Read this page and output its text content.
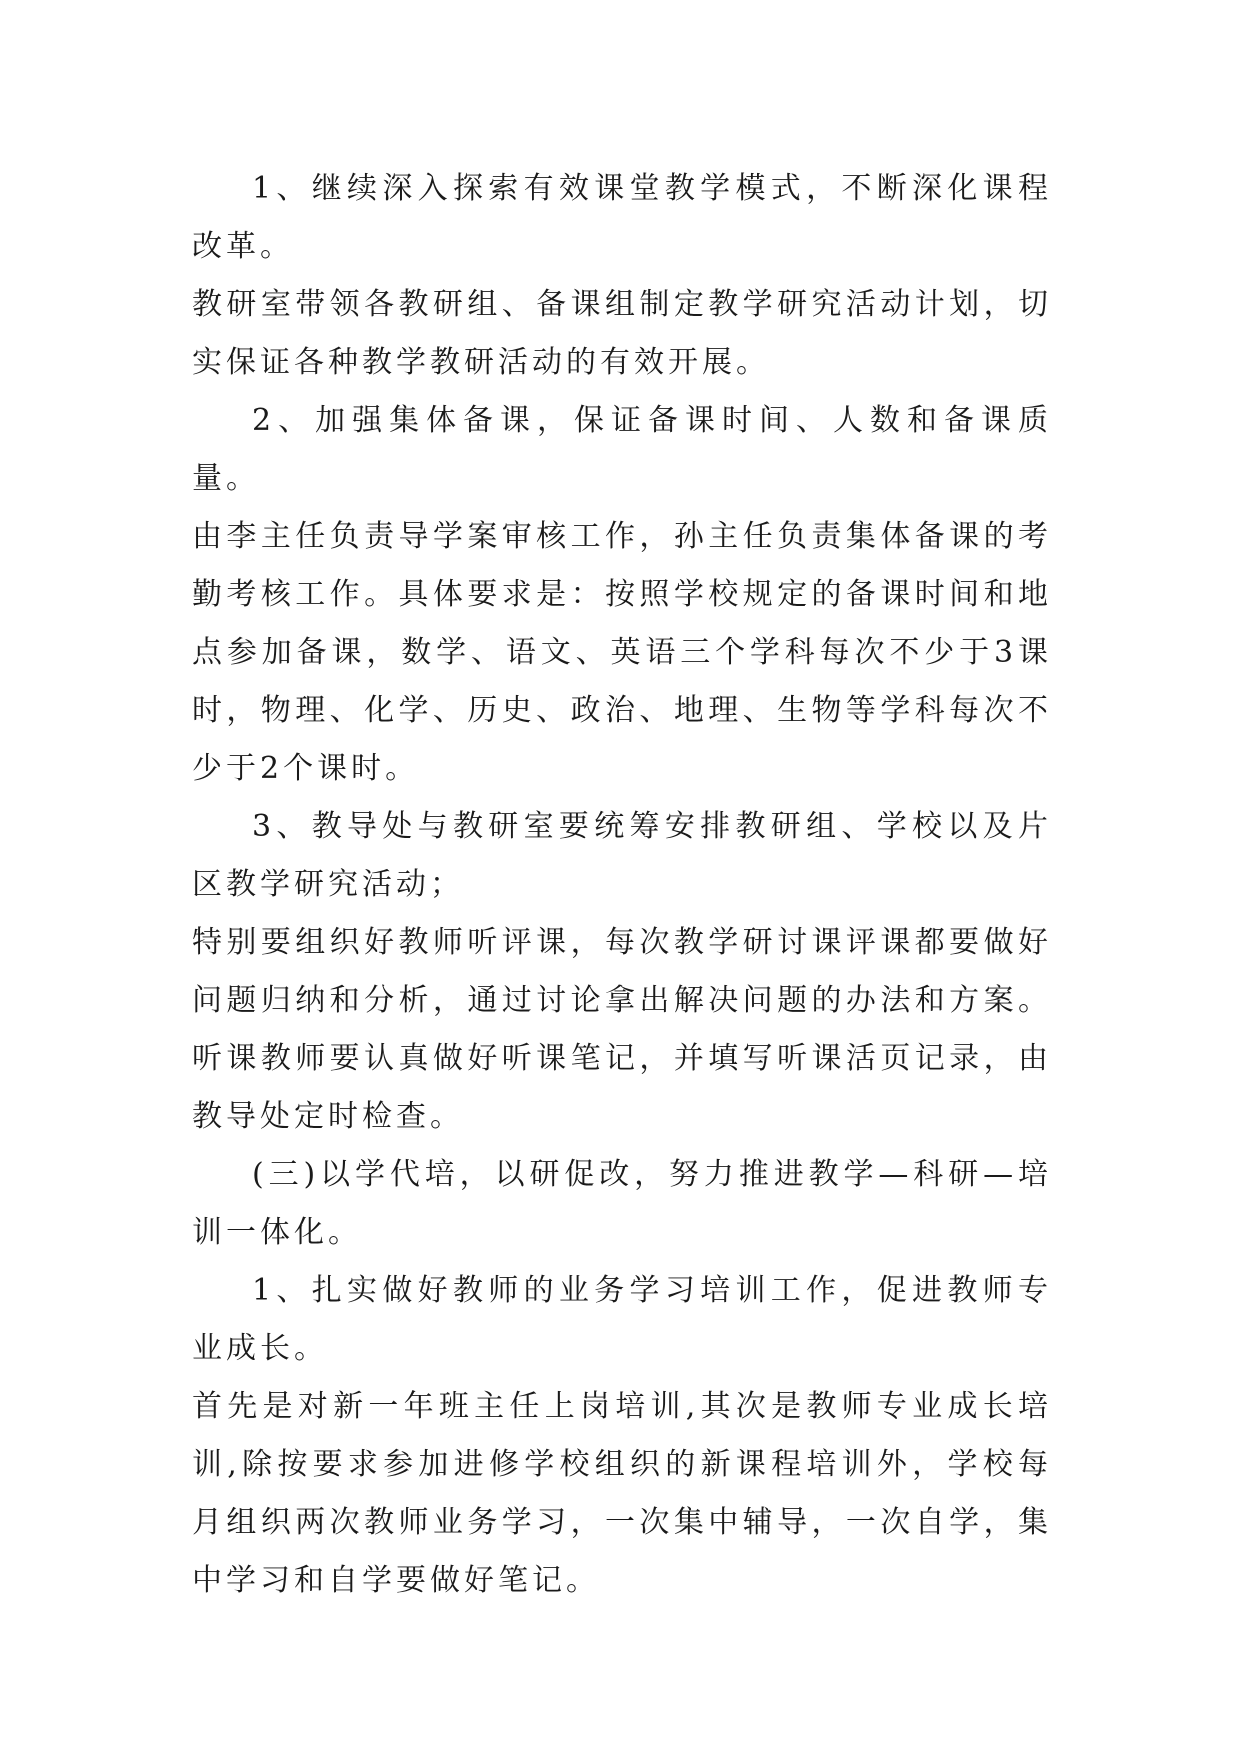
1、继续深入探索有效课堂教学模式，不断深化课程改革。

教研室带领各教研组、备课组制定教学研究活动计划，切实保证各种教学教研活动的有效开展。

2、加强集体备课，保证备课时间、人数和备课质量。

由李主任负责导学案审核工作，孙主任负责集体备课的考勤考核工作。具体要求是：按照学校规定的备课时间和地点参加备课，数学、语文、英语三个学科每次不少于3课时，物理、化学、历史、政治、地理、生物等学科每次不少于2个课时。

3、教导处与教研室要统筹安排教研组、学校以及片区教学研究活动；

特别要组织好教师听评课，每次教学研讨课评课都要做好问题归纳和分析，通过讨论拿出解决问题的办法和方案。听课教师要认真做好听课笔记，并填写听课活页记录，由教导处定时检查。

(三)以学代培，以研促改，努力推进教学—科研—培训一体化。

1、扎实做好教师的业务学习培训工作，促进教师专业成长。

首先是对新一年班主任上岗培训,其次是教师专业成长培训,除按要求参加进修学校组织的新课程培训外，学校每月组织两次教师业务学习，一次集中辅导，一次自学，集中学习和自学要做好笔记。
